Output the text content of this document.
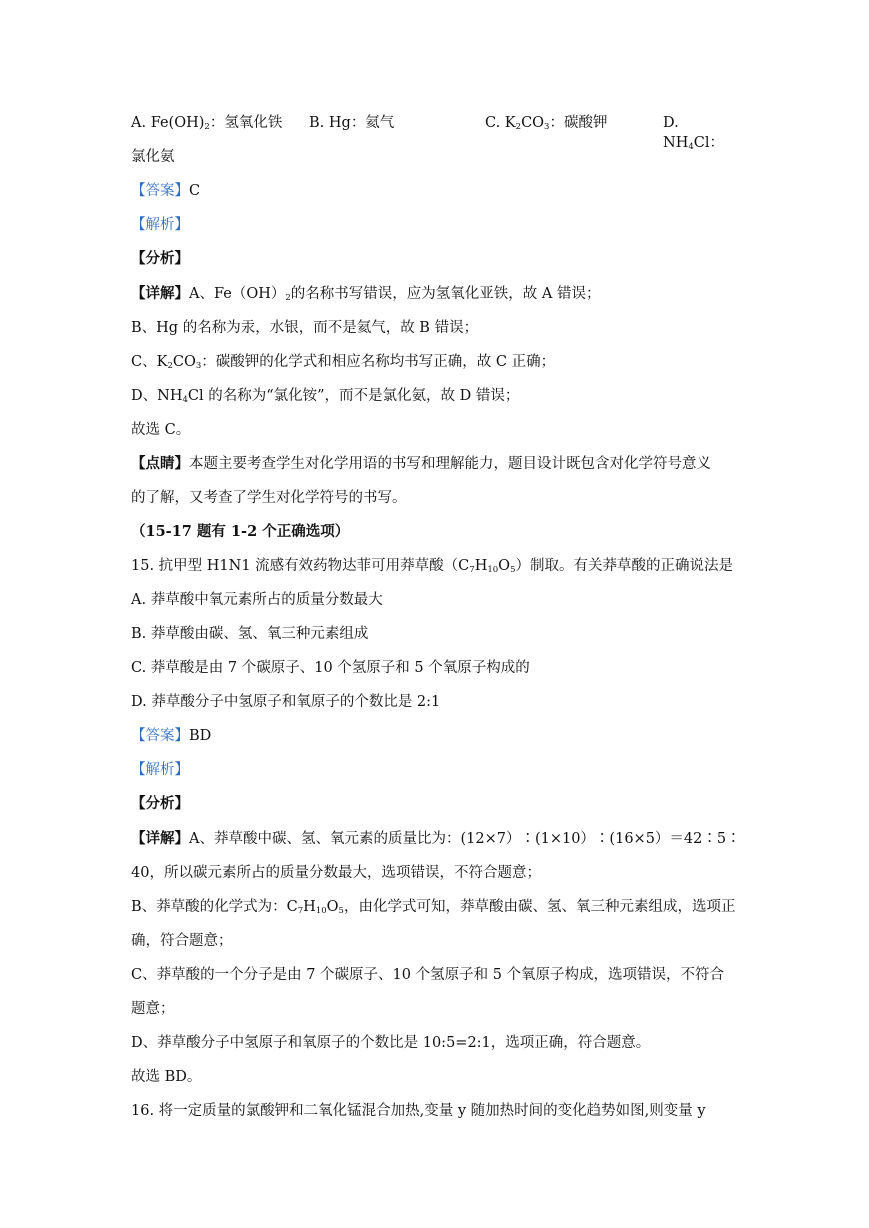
A. $Fe(OH)_2$：氢氧化铁 B. Hg：氦气	C. $K_2CO_3$：碳酸钾	D. $NH_4Cl$：
氯化氨
【答案】C
【解析】
【分析】
【详解】A、$Fe(OH)_2$的名称书写错误，应为氢氧化亚铁，故 A 错误；
B、Hg 的名称为汞，水银，而不是氦气，故 B 错误；
C、$K_2CO_3$：碳酸钾的化学式和相应名称均书写正确，故 C 正确；
D、$NH_4Cl$ 的名称为“氯化铵”，而不是氯化氨，故 D 错误；
故选 C。
【点睛】本题主要考查学生对化学用语的书写和理解能力，题目设计既包含对化学符号意义
的了解，又考查了学生对化学符号的书写。
（15-17 题有 1-2 个正确选项）
15. 抗甲型 H1N1 流感有效药物达菲可用莽草酸$(C_7H_{10}O_5)$制取。有关莽草酸的正确说法是
A. 莽草酸中氧元素所占的质量分数最大
B. 莽草酸由碳、氢、氧三种元素组成
C. 莽草酸是由 7 个碳原子、10 个氢原子和 5 个氧原子构成的
D. 莽草酸分子中氢原子和氧原子的个数比是 2:1
【答案】BD
【解析】
【分析】
【详解】A、莽草酸中碳、氢、氧元素的质量比为：(12×7）∶(1×10）∶(16×5）＝42∶5∶
40，所以碳元素所占的质量分数最大，选项错误，不符合题意；
B、莽草酸的化学式为：$C_7H_{10}O_5$，由化学式可知，莽草酸由碳、氢、氧三种元素组成，选项正
确，符合题意；
C、莽草酸的一个分子是由 7 个碳原子、10 个氢原子和 5 个氧原子构成，选项错误，不符合
题意；
D、莽草酸分子中氢原子和氧原子的个数比是 10:5=2:1，选项正确，符合题意。
故选 BD。
16. 将一定质量的氯酸钾和二氧化锰混合加热,变量 y 随加热时间的变化趋势如图,则变量 y
